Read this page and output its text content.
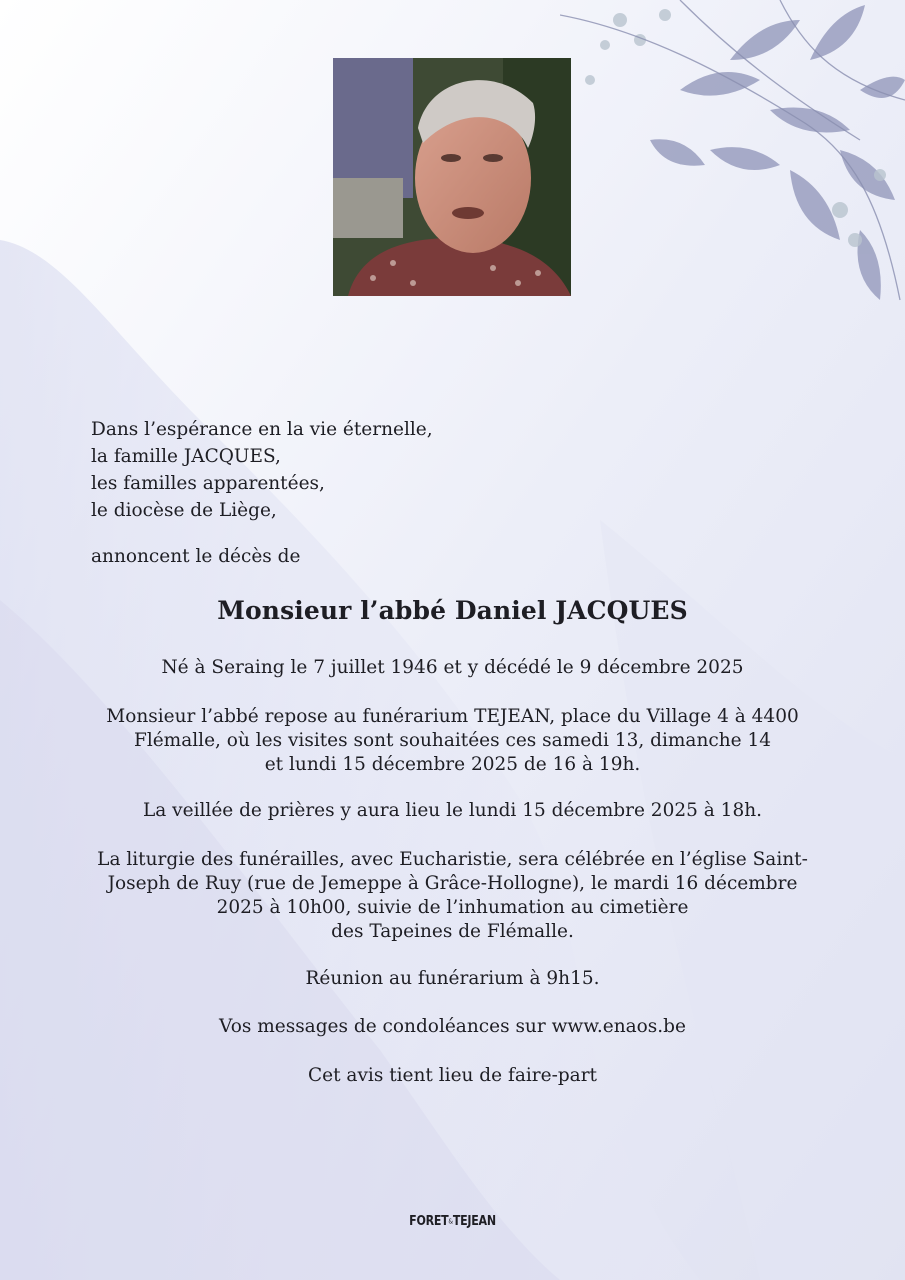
Dans l’espérance en la vie éternelle,
la famille JACQUES,
les familles apparentées,
le diocèse de Liège,
annoncent le décès de
Monsieur l’abbé Daniel JACQUES
Né à Seraing le 7 juillet 1946 et y décédé le 9 décembre 2025
Monsieur l’abbé repose au funérarium TEJEAN, place du Village 4 à 4400
Flémalle, où les visites sont souhaitées ces samedi 13, dimanche 14
et lundi 15 décembre 2025 de 16 à 19h.
La veillée de prières y aura lieu le lundi 15 décembre 2025 à 18h.
La liturgie des funérailles, avec Eucharistie, sera célébrée en l’église Saint-
Joseph de Ruy (rue de Jemeppe à Grâce-Hollogne), le mardi 16 décembre
2025 à 10h00, suivie de l’inhumation au cimetière
des Tapeines de Flémalle.
Réunion au funérarium à 9h15.
Vos messages de condoléances sur www.enaos.be
Cet avis tient lieu de faire-part
FORET&TEJEAN
